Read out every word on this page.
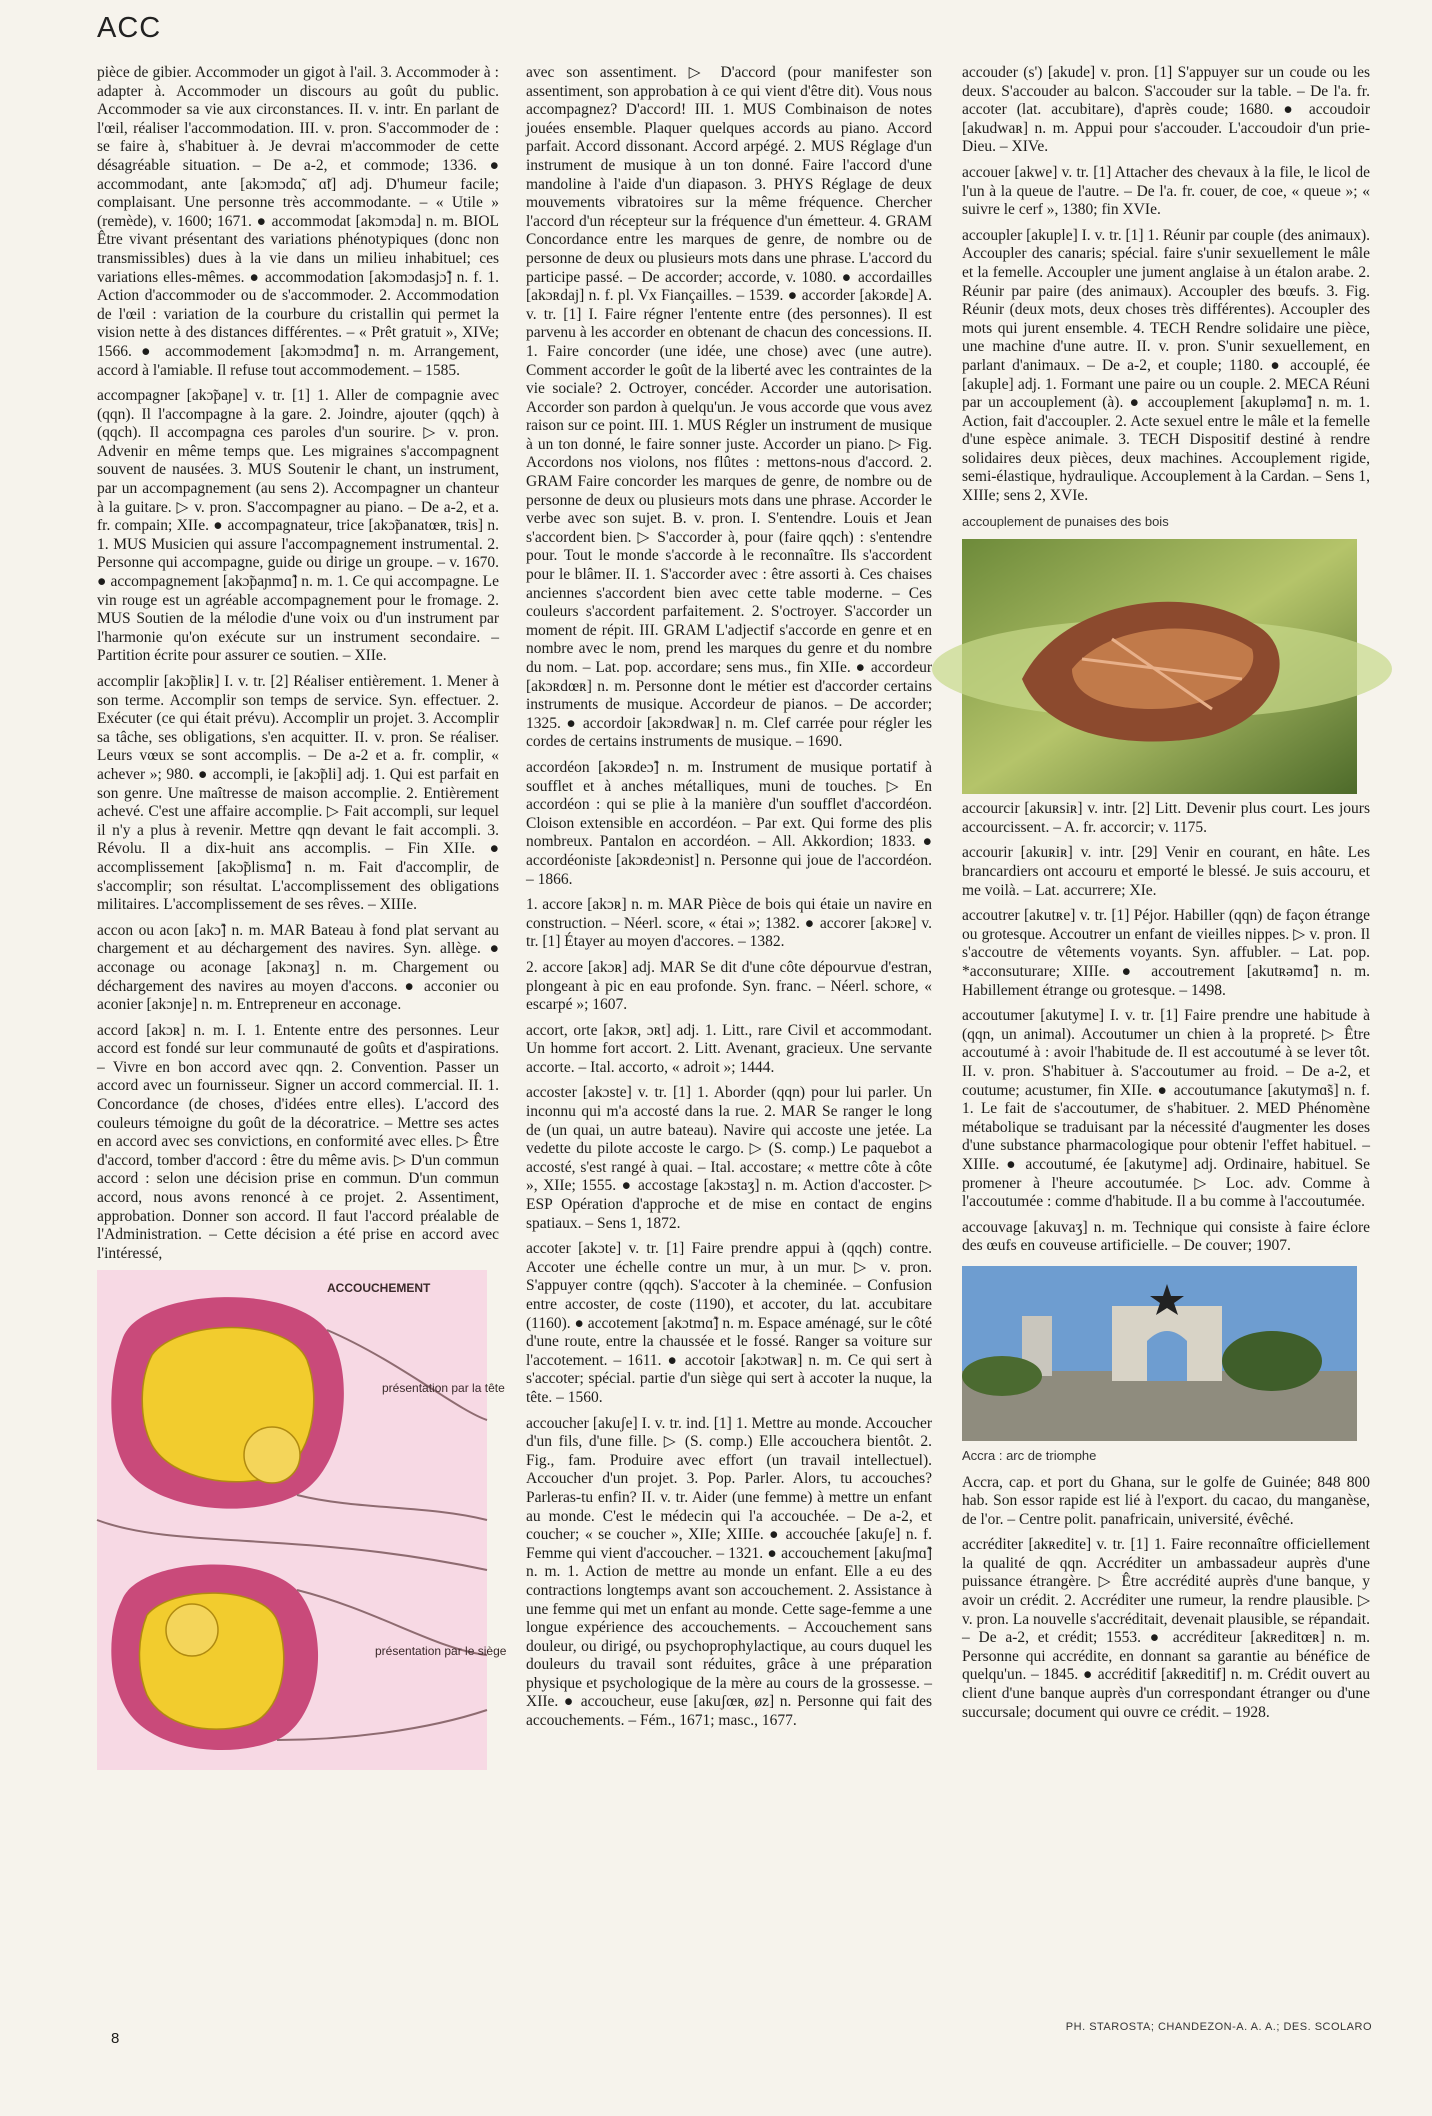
ACC

pièce de gibier. Accommoder un gigot à l'ail. 3. Accommoder à : adapter à. Accommoder un discours au goût du public. Accommoder sa vie aux circonstances. II. v. intr. En parlant de l'œil, réaliser l'accommodation. III. v. pron. S'accommoder de : se faire à, s'habituer à. Je devrai m'accommoder de cette désagréable situation. – De a-2, et commode; 1336. ● accommodant, ante [akɔmɔdɑ̃, ɑ̃t] adj. D'humeur facile; complaisant. Une personne très accommodante. – « Utile » (remède), v. 1600; 1671. ● accommodat [akɔmɔda] n. m. BIOL Être vivant présentant des variations phénotypiques (donc non transmissibles) dues à la vie dans un milieu inhabituel; ces variations elles-mêmes. ● accommodation [akɔmɔdasjɔ̃] n. f. 1. Action d'accommoder ou de s'accommoder. 2. Accommodation de l'œil : variation de la courbure du cristallin qui permet la vision nette à des distances différentes. – « Prêt gratuit », XIVe; 1566. ● accommodement [akɔmɔdmɑ̃] n. m. Arrangement, accord à l'amiable. Il refuse tout accommodement. – 1585.

accompagner [akɔ̃paɲe] v. tr. [1] 1. Aller de compagnie avec (qqn). Il l'accompagne à la gare. 2. Joindre, ajouter (qqch) à (qqch). Il accompagna ces paroles d'un sourire. ▷ v. pron. Advenir en même temps que. Les migraines s'accompagnent souvent de nausées. 3. MUS Soutenir le chant, un instrument, par un accompagnement (au sens 2). Accompagner un chanteur à la guitare. ▷ v. pron. S'accompagner au piano. – De a-2, et a. fr. compain; XIIe. ● accompagnateur, trice [akɔ̃panatœʀ, tʀis] n. 1. MUS Musicien qui assure l'accompagnement instrumental. 2. Personne qui accompagne, guide ou dirige un groupe. – v. 1670. ● accompagnement [akɔ̃paɲmɑ̃] n. m. 1. Ce qui accompagne. Le vin rouge est un agréable accompagnement pour le fromage. 2. MUS Soutien de la mélodie d'une voix ou d'un instrument par l'harmonie qu'on exécute sur un instrument secondaire. – Partition écrite pour assurer ce soutien. – XIIe.

accomplir [akɔ̃pliʀ] I. v. tr. [2] Réaliser entièrement. 1. Mener à son terme. Accomplir son temps de service. Syn. effectuer. 2. Exécuter (ce qui était prévu). Accomplir un projet. 3. Accomplir sa tâche, ses obligations, s'en acquitter. II. v. pron. Se réaliser. Leurs vœux se sont accomplis. – De a-2 et a. fr. complir, « achever »; 980. ● accompli, ie [akɔ̃pli] adj. 1. Qui est parfait en son genre. Une maîtresse de maison accomplie. 2. Entièrement achevé. C'est une affaire accomplie. ▷ Fait accompli, sur lequel il n'y a plus à revenir. Mettre qqn devant le fait accompli. 3. Révolu. Il a dix-huit ans accomplis. – Fin XIIe. ● accomplissement [akɔ̃plismɑ̃] n. m. Fait d'accomplir, de s'accomplir; son résultat. L'accomplissement des obligations militaires. L'accomplissement de ses rêves. – XIIIe.

accon ou acon [akɔ̃] n. m. MAR Bateau à fond plat servant au chargement et au déchargement des navires. Syn. allège. ● acconage ou aconage [akɔnaʒ] n. m. Chargement ou déchargement des navires au moyen d'accons. ● acconier ou aconier [akɔnje] n. m. Entrepreneur en acconage.

accord [akɔʀ] n. m. I. 1. Entente entre des personnes. Leur accord est fondé sur leur communauté de goûts et d'aspirations. – Vivre en bon accord avec qqn. 2. Convention. Passer un accord avec un fournisseur. Signer un accord commercial. II. 1. Concordance (de choses, d'idées entre elles). L'accord des couleurs témoigne du goût de la décoratrice. – Mettre ses actes en accord avec ses convictions, en conformité avec elles. ▷ Être d'accord, tomber d'accord : être du même avis. ▷ D'un commun accord : selon une décision prise en commun. D'un commun accord, nous avons renoncé à ce projet. 2. Assentiment, approbation. Donner son accord. Il faut l'accord préalable de l'Administration. – Cette décision a été prise en accord avec l'intéressé,

ACCOUCHEMENT
présentation par la tête
présentation par le siège

avec son assentiment. ▷ D'accord (pour manifester son assentiment, son approbation à ce qui vient d'être dit). Vous nous accompagnez? D'accord! III. 1. MUS Combinaison de notes jouées ensemble. Plaquer quelques accords au piano. Accord parfait. Accord dissonant. Accord arpégé. 2. MUS Réglage d'un instrument de musique à un ton donné. Faire l'accord d'une mandoline à l'aide d'un diapason. 3. PHYS Réglage de deux mouvements vibratoires sur la même fréquence. Chercher l'accord d'un récepteur sur la fréquence d'un émetteur. 4. GRAM Concordance entre les marques de genre, de nombre ou de personne de deux ou plusieurs mots dans une phrase. L'accord du participe passé. – De accorder; accorde, v. 1080. ● accordailles [akɔʀdaj] n. f. pl. Vx Fiançailles. – 1539. ● accorder [akɔʀde] A. v. tr. [1] I. Faire régner l'entente entre (des personnes). Il est parvenu à les accorder en obtenant de chacun des concessions. II. 1. Faire concorder (une idée, une chose) avec (une autre). Comment accorder le goût de la liberté avec les contraintes de la vie sociale? 2. Octroyer, concéder. Accorder une autorisation. Accorder son pardon à quelqu'un. Je vous accorde que vous avez raison sur ce point. III. 1. MUS Régler un instrument de musique à un ton donné, le faire sonner juste. Accorder un piano. ▷ Fig. Accordons nos violons, nos flûtes : mettons-nous d'accord. 2. GRAM Faire concorder les marques de genre, de nombre ou de personne de deux ou plusieurs mots dans une phrase. Accorder le verbe avec son sujet. B. v. pron. I. S'entendre. Louis et Jean s'accordent bien. ▷ S'accorder à, pour (faire qqch) : s'entendre pour. Tout le monde s'accorde à le reconnaître. Ils s'accordent pour le blâmer. II. 1. S'accorder avec : être assorti à. Ces chaises anciennes s'accordent bien avec cette table moderne. – Ces couleurs s'accordent parfaitement. 2. S'octroyer. S'accorder un moment de répit. III. GRAM L'adjectif s'accorde en genre et en nombre avec le nom, prend les marques du genre et du nombre du nom. – Lat. pop. accordare; sens mus., fin XIIe. ● accordeur [akɔʀdœʀ] n. m. Personne dont le métier est d'accorder certains instruments de musique. Accordeur de pianos. – De accorder; 1325. ● accordoir [akɔʀdwaʀ] n. m. Clef carrée pour régler les cordes de certains instruments de musique. – 1690.

accordéon [akɔʀdeɔ̃] n. m. Instrument de musique portatif à soufflet et à anches métalliques, muni de touches. ▷ En accordéon : qui se plie à la manière d'un soufflet d'accordéon. Cloison extensible en accordéon. – Par ext. Qui forme des plis nombreux. Pantalon en accordéon. – All. Akkordion; 1833. ● accordéoniste [akɔʀdeɔnist] n. Personne qui joue de l'accordéon. – 1866.

1. accore [akɔʀ] n. m. MAR Pièce de bois qui étaie un navire en construction. – Néerl. score, « étai »; 1382. ● accorer [akɔʀe] v. tr. [1] Étayer au moyen d'accores. – 1382.

2. accore [akɔʀ] adj. MAR Se dit d'une côte dépourvue d'estran, plongeant à pic en eau profonde. Syn. franc. – Néerl. schore, « escarpé »; 1607.

accort, orte [akɔʀ, ɔʀt] adj. 1. Litt., rare Civil et accommodant. Un homme fort accort. 2. Litt. Avenant, gracieux. Une servante accorte. – Ital. accorto, « adroit »; 1444.

accoster [akɔste] v. tr. [1] 1. Aborder (qqn) pour lui parler. Un inconnu qui m'a accosté dans la rue. 2. MAR Se ranger le long de (un quai, un autre bateau). Navire qui accoste une jetée. La vedette du pilote accoste le cargo. ▷ (S. comp.) Le paquebot a accosté, s'est rangé à quai. – Ital. accostare; « mettre côte à côte », XIIe; 1555. ● accostage [akɔstaʒ] n. m. Action d'accoster. ▷ ESP Opération d'approche et de mise en contact de engins spatiaux. – Sens 1, 1872.

accoter [akɔte] v. tr. [1] Faire prendre appui à (qqch) contre. Accoter une échelle contre un mur, à un mur. ▷ v. pron. S'appuyer contre (qqch). S'accoter à la cheminée. – Confusion entre accoster, de coste (1190), et accoter, du lat. accubitare (1160). ● accotement [akɔtmɑ̃] n. m. Espace aménagé, sur le côté d'une route, entre la chaussée et le fossé. Ranger sa voiture sur l'accotement. – 1611. ● accotoir [akɔtwaʀ] n. m. Ce qui sert à s'accoter; spécial. partie d'un siège qui sert à accoter la nuque, la tête. – 1560.

accoucher [akuʃe] I. v. tr. ind. [1] 1. Mettre au monde. Accoucher d'un fils, d'une fille. ▷ (S. comp.) Elle accouchera bientôt. 2. Fig., fam. Produire avec effort (un travail intellectuel). Accoucher d'un projet. 3. Pop. Parler. Alors, tu accouches? Parleras-tu enfin? II. v. tr. Aider (une femme) à mettre un enfant au monde. C'est le médecin qui l'a accouchée. – De a-2, et coucher; « se coucher », XIIe; XIIIe. ● accouchée [akuʃe] n. f. Femme qui vient d'accoucher. – 1321. ● accouchement [akuʃmɑ̃] n. m. 1. Action de mettre au monde un enfant. Elle a eu des contractions longtemps avant son accouchement. 2. Assistance à une femme qui met un enfant au monde. Cette sage-femme a une longue expérience des accouchements. – Accouchement sans douleur, ou dirigé, ou psychoprophylactique, au cours duquel les douleurs du travail sont réduites, grâce à une préparation physique et psychologique de la mère au cours de la grossesse. – XIIe. ● accoucheur, euse [akuʃœʀ, øz] n. Personne qui fait des accouchements. – Fém., 1671; masc., 1677.

accouder (s') [akude] v. pron. [1] S'appuyer sur un coude ou les deux. S'accouder au balcon. S'accouder sur la table. – De l'a. fr. accoter (lat. accubitare), d'après coude; 1680. ● accoudoir [akudwaʀ] n. m. Appui pour s'accouder. L'accoudoir d'un prie-Dieu. – XIVe.

accouer [akwe] v. tr. [1] Attacher des chevaux à la file, le licol de l'un à la queue de l'autre. – De l'a. fr. couer, de coe, « queue »; « suivre le cerf », 1380; fin XVIe.

accoupler [akuple] I. v. tr. [1] 1. Réunir par couple (des animaux). Accoupler des canaris; spécial. faire s'unir sexuellement le mâle et la femelle. Accoupler une jument anglaise à un étalon arabe. 2. Réunir par paire (des animaux). Accoupler des bœufs. 3. Fig. Réunir (deux mots, deux choses très différentes). Accoupler des mots qui jurent ensemble. 4. TECH Rendre solidaire une pièce, une machine d'une autre. II. v. pron. S'unir sexuellement, en parlant d'animaux. – De a-2, et couple; 1180. ● accouplé, ée [akuple] adj. 1. Formant une paire ou un couple. 2. MECA Réuni par un accouplement (à). ● accouplement [akupləmɑ̃] n. m. 1. Action, fait d'accoupler. 2. Acte sexuel entre le mâle et la femelle d'une espèce animale. 3. TECH Dispositif destiné à rendre solidaires deux pièces, deux machines. Accouplement rigide, semi-élastique, hydraulique. Accouplement à la Cardan. – Sens 1, XIIIe; sens 2, XVIe.

accouplement de punaises des bois

accourcir [akuʀsiʀ] v. intr. [2] Litt. Devenir plus court. Les jours accourcissent. – A. fr. accorcir; v. 1175.

accourir [akuʀiʀ] v. intr. [29] Venir en courant, en hâte. Les brancardiers ont accouru et emporté le blessé. Je suis accouru, et me voilà. – Lat. accurrere; XIe.

accoutrer [akutʀe] v. tr. [1] Péjor. Habiller (qqn) de façon étrange ou grotesque. Accoutrer un enfant de vieilles nippes. ▷ v. pron. Il s'accoutre de vêtements voyants. Syn. affubler. – Lat. pop. *acconsuturare; XIIIe. ● accoutrement [akutʀəmɑ̃] n. m. Habillement étrange ou grotesque. – 1498.

accoutumer [akutyme] I. v. tr. [1] Faire prendre une habitude à (qqn, un animal). Accoutumer un chien à la propreté. ▷ Être accoutumé à : avoir l'habitude de. Il est accoutumé à se lever tôt. II. v. pron. S'habituer à. S'accoutumer au froid. – De a-2, et coutume; acustumer, fin XIIe. ● accoutumance [akutymɑ̃s] n. f. 1. Le fait de s'accoutumer, de s'habituer. 2. MED Phénomène métabolique se traduisant par la nécessité d'augmenter les doses d'une substance pharmacologique pour obtenir l'effet habituel. – XIIIe. ● accoutumé, ée [akutyme] adj. Ordinaire, habituel. Se promener à l'heure accoutumée. ▷ Loc. adv. Comme à l'accoutumée : comme d'habitude. Il a bu comme à l'accoutumée.

accouvage [akuvaʒ] n. m. Technique qui consiste à faire éclore des œufs en couveuse artificielle. – De couver; 1907.

Accra : arc de triomphe

Accra, cap. et port du Ghana, sur le golfe de Guinée; 848 800 hab. Son essor rapide est lié à l'export. du cacao, du manganèse, de l'or. – Centre polit. panafricain, université, évêché.

accréditer [akʀedite] v. tr. [1] 1. Faire reconnaître officiellement la qualité de qqn. Accréditer un ambassadeur auprès d'une puissance étrangère. ▷ Être accrédité auprès d'une banque, y avoir un crédit. 2. Accréditer une rumeur, la rendre plausible. ▷ v. pron. La nouvelle s'accréditait, devenait plausible, se répandait. – De a-2, et crédit; 1553. ● accréditeur [akʀeditœʀ] n. m. Personne qui accrédite, en donnant sa garantie au bénéfice de quelqu'un. – 1845. ● accréditif [akʀeditif] n. m. Crédit ouvert au client d'une banque auprès d'un correspondant étranger ou d'une succursale; document qui ouvre ce crédit. – 1928.

8
PH. STAROSTA; CHANDEZON-A. A. A.; DES. SCOLARO
